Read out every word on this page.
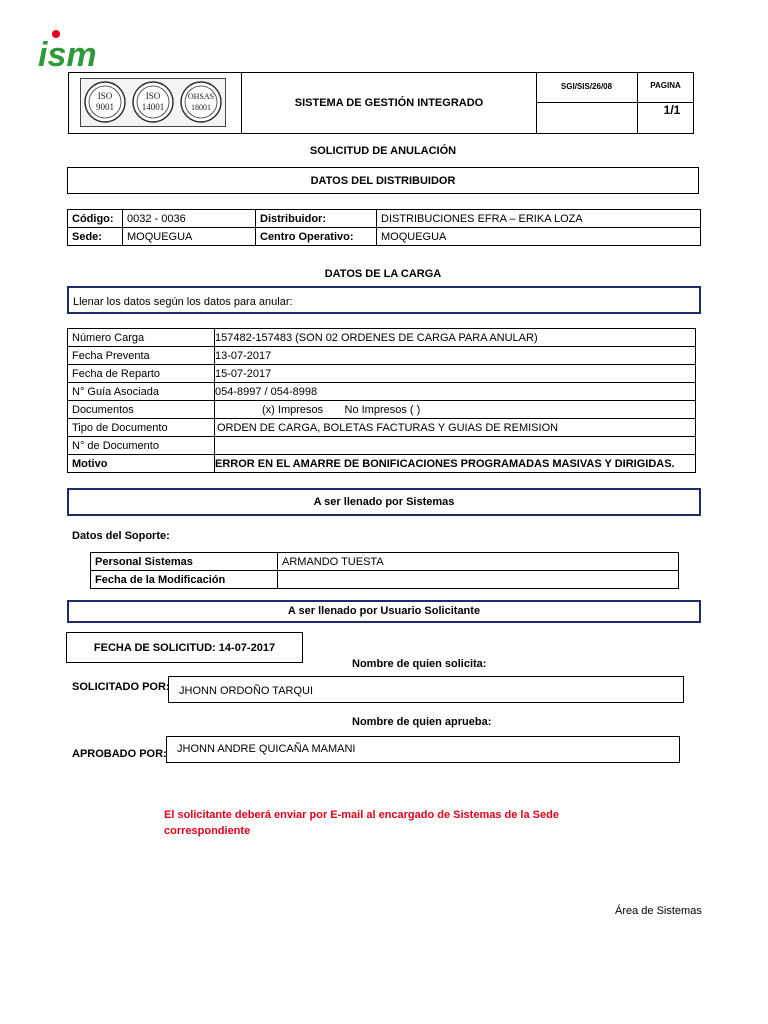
ism
ISO
9001
ISO
14001
OHSAS
18001	SISTEMA DE GESTIÓN INTEGRADO
SGI/SIS/26/08	PAGINA
1/1
SOLICITUD DE ANULACIÓN
DATOS DEL DISTRIBUIDOR
Código:	0032 - 0036	Distribuidor:	DISTRIBUCIONES EFRA – ERIKA LOZA
Sede:	MOQUEGUA	Centro Operativo:	MOQUEGUA
DATOS DE LA CARGA
Llenar los datos según los datos para anular:
Número Carga	157482-157483 (SON 02 ORDENES DE CARGA PARA ANULAR)
Fecha Preventa	13-07-2017
Fecha de Reparto	15-07-2017
N° Guía Asociada	054-8997 / 054-8998
Documentos	(x) Impresos       No Impresos ( )
Tipo de Documento	ORDEN DE CARGA, BOLETAS FACTURAS Y GUIAS DE REMISION
N° de Documento	
Motivo	ERROR EN EL AMARRE DE BONIFICACIONES PROGRAMADAS MASIVAS Y DIRIGIDAS.
A ser llenado por Sistemas
Datos del Soporte:
Personal Sistemas	ARMANDO TUESTA
Fecha de la Modificación	
A ser llenado por Usuario Solicitante
FECHA DE SOLICITUD: 14-07-2017
Nombre de quien solicita:
SOLICITADO POR: JHONN ORDOÑO TARQUI
Nombre de quien aprueba:
APROBADO POR: JHONN ANDRE QUICAÑA MAMANI
El solicitante deberá enviar por E-mail al encargado de Sistemas de la Sede
correspondiente
Área de Sistemas
